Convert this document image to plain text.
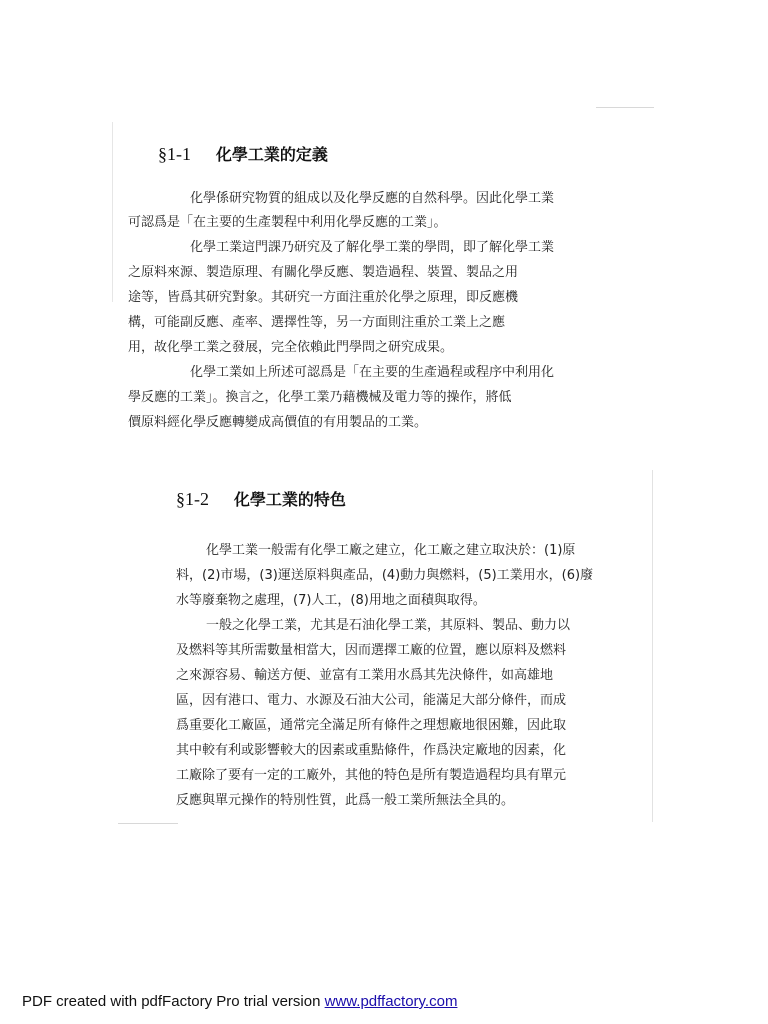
§1-1 化學工業的定義
化學係研究物質的組成以及化學反應的自然科學。因此化學工業
可認爲是「在主要的生產製程中利用化學反應的工業」。
化學工業這門課乃研究及了解化學工業的學問，即了解化學工業
之原料來源、製造原理、有關化學反應、製造過程、裝置、製品之用
途等，皆爲其研究對象。其研究一方面注重於化學之原理，即反應機
構，可能副反應、產率、選擇性等，另一方面則注重於工業上之應
用，故化學工業之發展，完全依賴此門學問之研究成果。
化學工業如上所述可認爲是「在主要的生產過程或程序中利用化
學反應的工業」。換言之，化學工業乃藉機械及電力等的操作，將低
價原料經化學反應轉變成高價值的有用製品的工業。
§1-2 化學工業的特色
化學工業一般需有化學工廠之建立，化工廠之建立取決於：(1)原
料，(2)市場，(3)運送原料與產品，(4)動力與燃料，(5)工業用水，(6)廢
水等廢棄物之處理，(7)人工，(8)用地之面積與取得。
一般之化學工業，尤其是石油化學工業，其原料、製品、動力以
及燃料等其所需數量相當大，因而選擇工廠的位置，應以原料及燃料
之來源容易、輸送方便、並富有工業用水爲其先決條件，如高雄地
區，因有港口、電力、水源及石油大公司，能滿足大部分條件，而成
爲重要化工廠區，通常完全滿足所有條件之理想廠地很困難，因此取
其中較有利或影響較大的因素或重點條件，作爲決定廠地的因素，化
工廠除了要有一定的工廠外，其他的特色是所有製造過程均具有單元
反應與單元操作的特別性質，此爲一般工業所無法全具的。
PDF created with pdfFactory Pro trial version www.pdffactory.com
